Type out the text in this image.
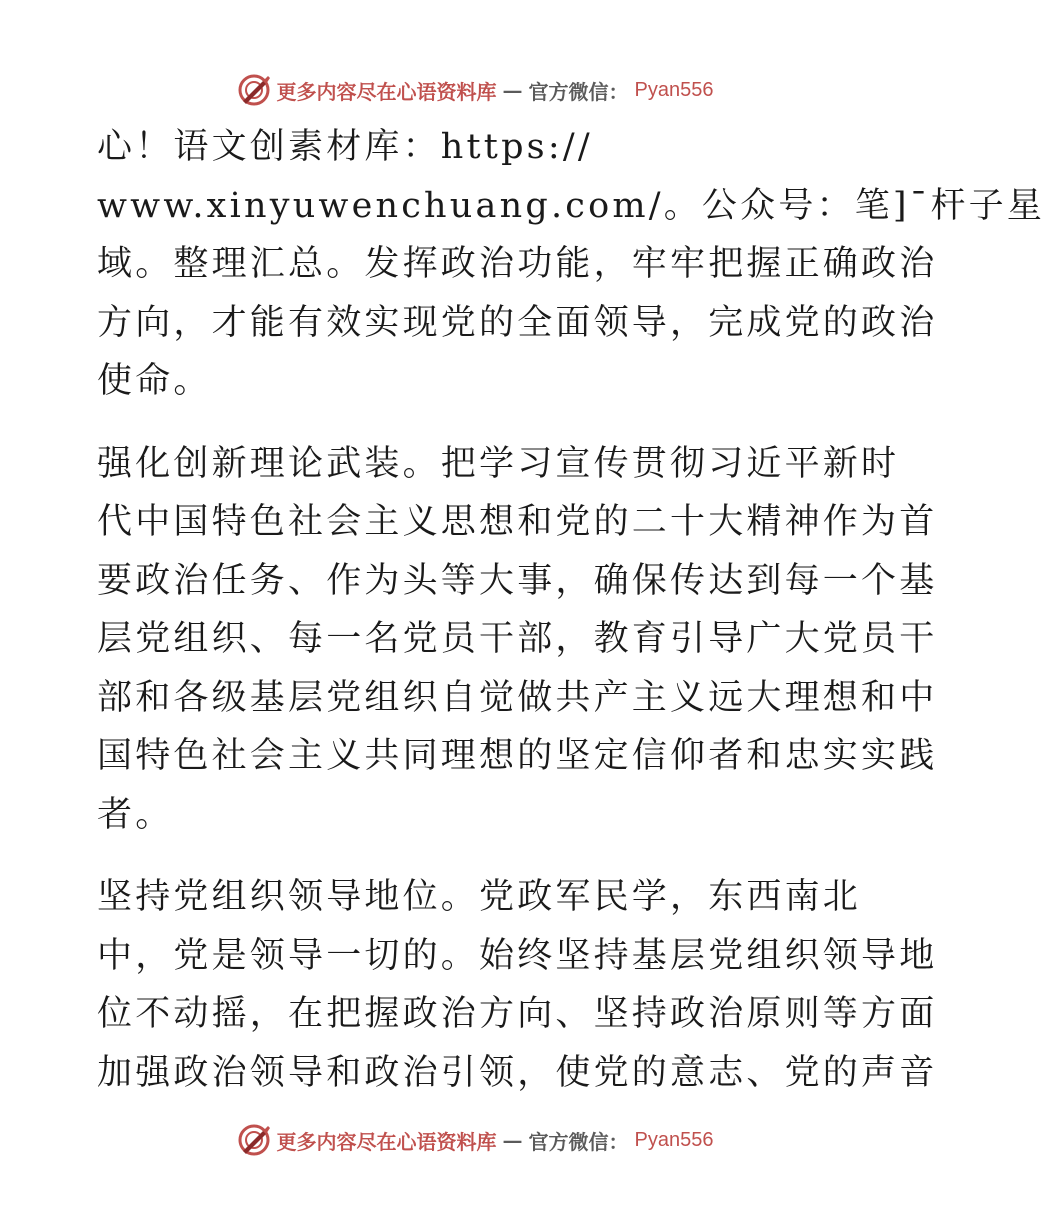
更多内容尽在心语资料库 — 官方微信： Pyan556
心！语文创素材库：https://
www.xinyuwenchuang.com/。公众号：笔]¯杆子星
域。整理汇总。发挥政治功能，牢牢把握正确政治
方向，才能有效实现党的全面领导，完成党的政治
使命。
强化创新理论武装。把学习宣传贯彻习近平新时
代中国特色社会主义思想和党的二十大精神作为首
要政治任务、作为头等大事，确保传达到每一个基
层党组织、每一名党员干部，教育引导广大党员干
部和各级基层党组织自觉做共产主义远大理想和中
国特色社会主义共同理想的坚定信仰者和忠实实践
者。
坚持党组织领导地位。党政军民学，东西南北
中，党是领导一切的。始终坚持基层党组织领导地
位不动摇，在把握政治方向、坚持政治原则等方面
加强政治领导和政治引领，使党的意志、党的声音
更多内容尽在心语资料库 — 官方微信： Pyan556
